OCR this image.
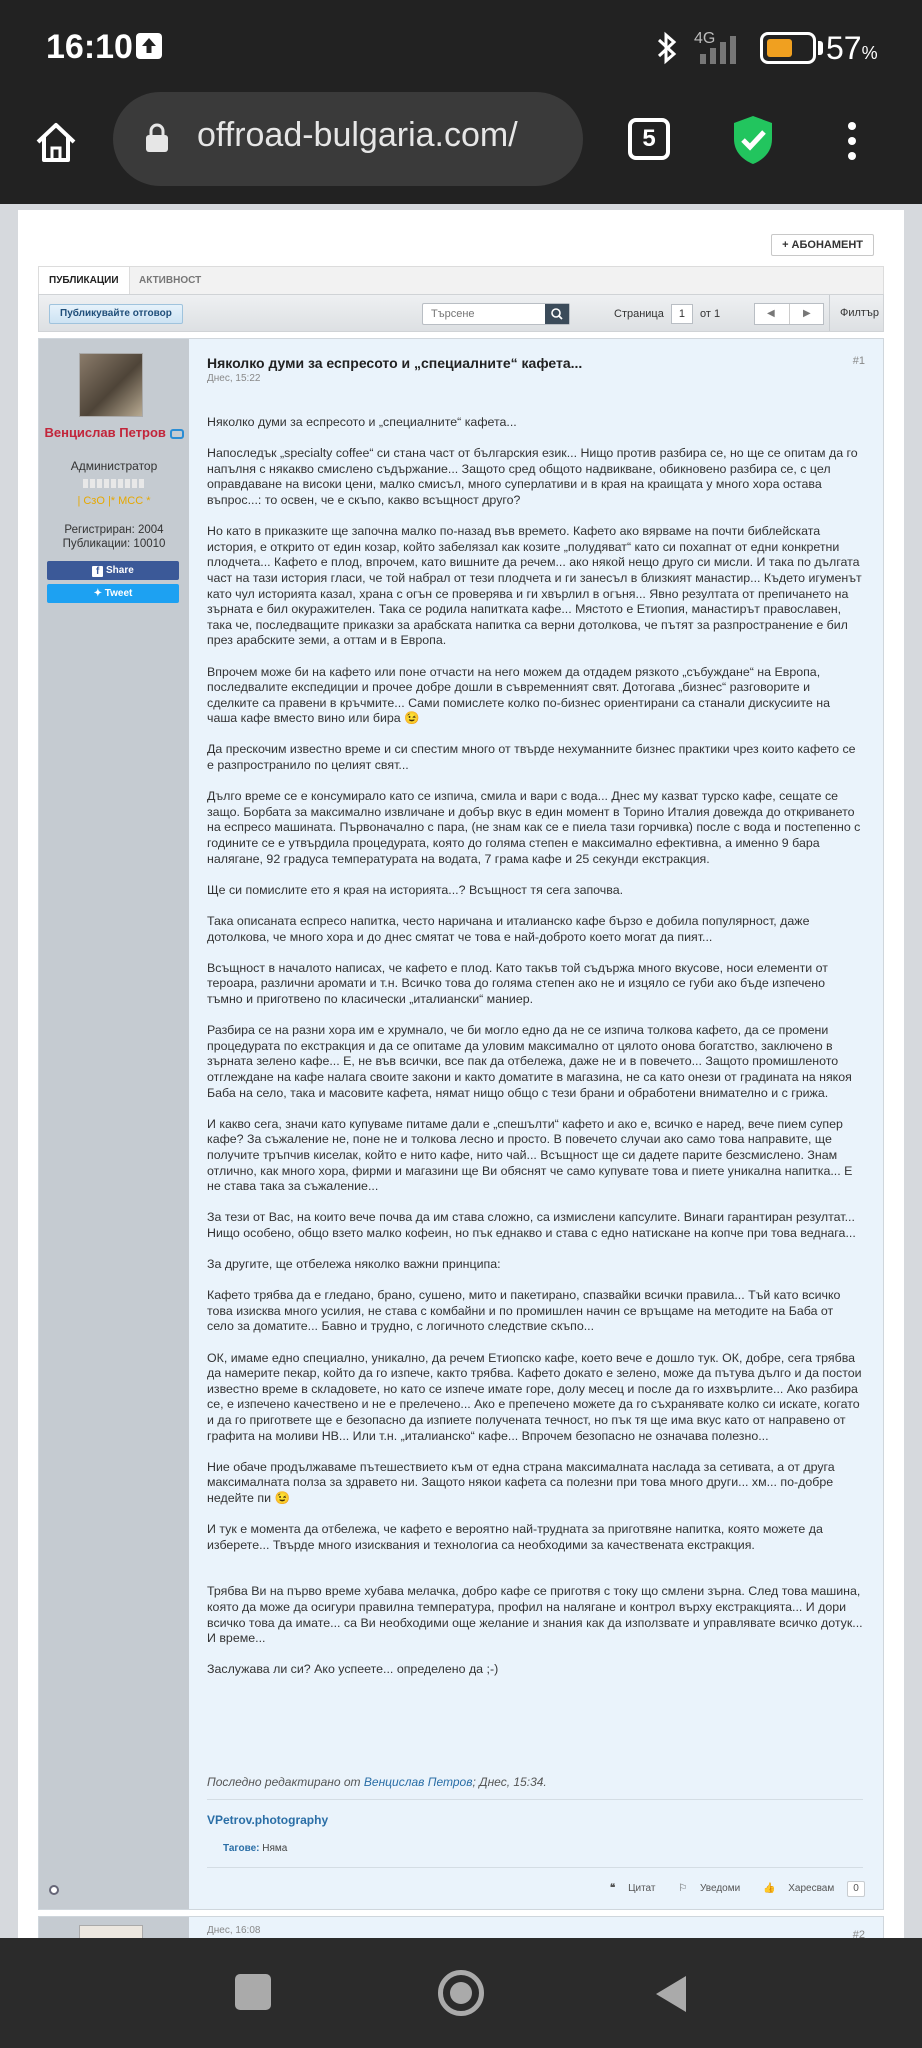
16:10	4G	57%
offroad-bulgaria.com/	5
+ АБОНАМЕНТ
ПУБЛИКАЦИИ	АКТИВНОСТ
Публикувайте отговор
Търсене	Страница 1 от 1	◀	▶	Филтър
Венцислав Петров
Администратор
| СзО |* МСС *
Регистриран: 2004
Публикации: 10010
f Share
✦ Tweet
Няколко думи за еспресото и „специалните“ кафета...
Днес, 15:22
#1

Няколко думи за еспресото и „специалните“ кафета...

Напоследък „specialty coffee“ си стана част от българския език... Нищо против разбира се, но ще се опитам да го напълня с някакво смислено съдържание... Защото сред общото надвикване, обикновено разбира се, с цел оправдаване на високи цени, малко смисъл, много суперлативи и в края на краищата у много хора остава въпрос...: то освен, че е скъпо, какво всъщност друго?

Но като в приказките ще започна малко по-назад във времето. Кафето ако вярваме на почти библейската история, е открито от един козар, който забелязал как козите „полудяват“ като си похапнат от едни конкретни плодчета... Кафето е плод, впрочем, като вишните да речем... ако някой нещо друго си мисли. И така по дългата част на тази история гласи, че той набрал от тези плодчета и ги занесъл в близкият манастир... Където игуменът като чул историята казал, храна с огън се проверява и ги хвърлил в огъня... Явно резултата от препичането на зърната е бил окуражителен. Така се родила напитката кафе... Мястото е Етиопия, манастирът православен, така че, последващите приказки за арабската напитка са верни дотолкова, че пътят за разпространение е бил през арабските земи, а оттам и в Европа.

Впрочем може би на кафето или поне отчасти на него можем да отдадем рязкото „събуждане“ на Европа, последвалите експедиции и прочее добре дошли в съвременният свят. Дотогава „бизнес“ разговорите и сделките са правени в кръчмите... Сами помислете колко по-бизнес ориентирани са станали дискусиите на чаша кафе вместо вино или бира 😉

Да прескочим известно време и си спестим много от твърде нехуманните бизнес практики чрез които кафето се е разпространило по целият свят...

Дълго време се е консумирало като се изпича, смила и вари с вода... Днес му казват турско кафе, сещате се защо. Борбата за максимално извличане и добър вкус в един момент в Торино Италия довежда до откриването на еспресо машината. Първоначално с пара, (не знам как се е пиела тази горчивка) после с вода и постепенно с годините се е утвърдила процедурата, която до голяма степен е максимално ефективна, а именно 9 бара налягане, 92 градуса температурата на водата, 7 грама кафе и 25 секунди екстракция.

Ще си помислите ето я края на историята...? Всъщност тя сега започва.

Така описаната еспресо напитка, често наричана и италианско кафе бързо е добила популярност, даже дотолкова, че много хора и до днес смятат че това е най-доброто което могат да пият...

Всъщност в началото написах, че кафето е плод. Като такъв той съдържа много вкусове, носи елементи от тероара, различни аромати и т.н. Всичко това до голяма степен ако не и изцяло се губи ако бъде изпечено тъмно и приготвено по класически „италиански“ маниер.

Разбира се на разни хора им е хрумнало, че би могло едно да не се изпича толкова кафето, да се промени процедурата по екстракция и да се опитаме да уловим максимално от цялото онова богатство, заключено в зърната зелено кафе... Е, не във всички, все пак да отбележа, даже не и в повечето... Защото промишленото отглеждане на кафе налага своите закони и както доматите в магазина, не са като онези от градината на някоя Баба на село, така и масовите кафета, нямат нищо общо с тези брани и обработени внимателно и с грижа.

И какво сега, значи като купуваме питаме дали е „спешълти“ кафето и ако е, всичко е наред, вече пием супер кафе? За съжаление не, поне не и толкова лесно и просто. В повечето случаи ако само това направите, ще получите тръпчив киселак, който е нито кафе, нито чай... Всъщност ще си дадете парите безсмислено. Знам отлично, как много хора, фирми и магазини ще Ви обяснят че само купувате това и пиете уникална напитка... Е не става така за съжаление...

За тези от Вас, на които вече почва да им става сложно, са измислени капсулите. Винаги гарантиран резултат... Нищо особено, общо взето малко кофеин, но пък еднакво и става с едно натискане на копче при това веднага...

За другите, ще отбележа няколко важни принципа:

Кафето трябва да е гледано, брано, сушено, мито и пакетирано, спазвайки всички правила... Тъй като всичко това изисква много усилия, не става с комбайни и по промишлен начин се връщаме на методите на Баба от село за доматите... Бавно и трудно, с логичното следствие скъпо...

ОК, имаме едно специално, уникално, да речем Етиопско кафе, което вече е дошло тук. ОК, добре, сега трябва да намерите пекар, който да го изпече, както трябва. Кафето докато е зелено, може да пътува дълго и да постои известно време в складовете, но като се изпече имате горе, долу месец и после да го изхвърлите... Ако разбира се, е изпечено качествено и не е прелечено... Ако е препечено можете да го съхранявате колко си искате, когато и да го пригответе ще е безопасно да изпиете получената течност, но пък тя ще има вкус като от направено от графита на моливи НВ... Или т.н. „италианско“ кафе... Впрочем безопасно не означава полезно...

Ние обаче продължаваме пътешествието към от една страна максималната наслада за сетивата, а от друга максималната полза за здравето ни. Защото някои кафета са полезни при това много други... хм... по-добре недейте пи 😉

И тук е момента да отбележа, че кафето е вероятно най-трудната за приготвяне напитка, която можете да изберете... Твърде много изисквания и технологиа са необходими за качествената екстракция.

Трябва Ви на първо време хубава мелачка, добро кафе се приготвя с току що смлени зърна. След това машина, която да може да осигури правилна температура, профил на налягане и контрол върху екстракцията... И дори всичко това да имате... са Ви необходими още желание и знания как да използвате и управлявате всичко дотук... И време...

Заслужава ли си? Ако успеете... определено да ;-)

Последно редактирано от Венцислав Петров; Днес, 15:34.
VPetrov.photography
Тагове: Няма
❝ Цитат ⚐ Уведоми 👍 Харесвам 0
Днес, 16:08	#2
